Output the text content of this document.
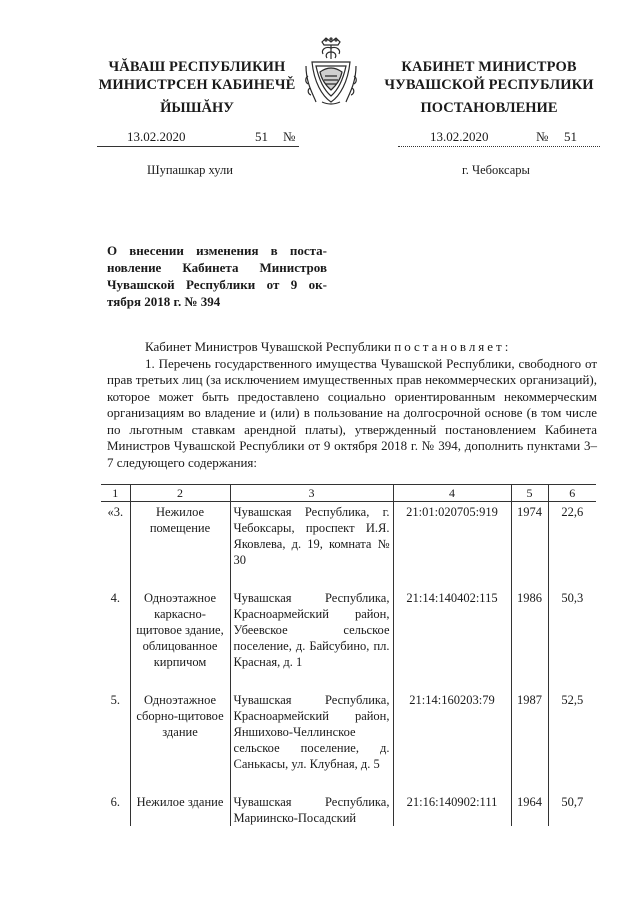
ЧĂВАШ РЕСПУБЛИКИН
МИНИСТРСЕН КАБИНЕЧĚ
ЙЫШĂНУ
КАБИНЕТ МИНИСТРОВ
ЧУВАШСКОЙ РЕСПУБЛИКИ
ПОСТАНОВЛЕНИЕ
13.02.2020	51 №	13.02.2020	№ 51
Шупашкар хули	г. Чебоксары
О внесении изменения в поста-
новление Кабинета Министров
Чувашской Республики от 9 ок-
тября 2018 г. № 394

Кабинет Министров Чувашской Республики постановляет:

1. Перечень государственного имущества Чувашской Республики, свободного от прав третьих лиц (за исключением имущественных прав некоммерческих организаций), которое может быть предоставлено социально ориентированным некоммерческим организациям во владение и (или) в пользование на долгосрочной основе (в том числе по льготным ставкам арендной платы), утвержденный постановлением Кабинета Министров Чувашской Республики от 9 октября 2018 г. № 394, дополнить пунктами 3–7 следующего содержания:

1	2	3	4	5	6
«3.	Нежилое помещение	Чувашская Республика, г. Чебоксары, проспект И.Я. Яковлева, д. 19, комната № 30	21:01:020705:919	1974	22,6
4.	Одноэтажное каркасно-щитовое здание, облицованное кирпичом	Чувашская Республика, Красноармейский район, Убеевское сельское поселение, д. Байсубино, пл. Красная, д. 1	21:14:140402:115	1986	50,3
5.	Одноэтажное сборно-щитовое здание	Чувашская Республика, Красноармейский район, Яншихово-Челлинское сельское поселение, д. Санькасы, ул. Клубная, д. 5	21:14:160203:79	1987	52,5
6.	Нежилое здание	Чувашская Республика, Мариинско-Посадский	21:16:140902:111	1964	50,7
